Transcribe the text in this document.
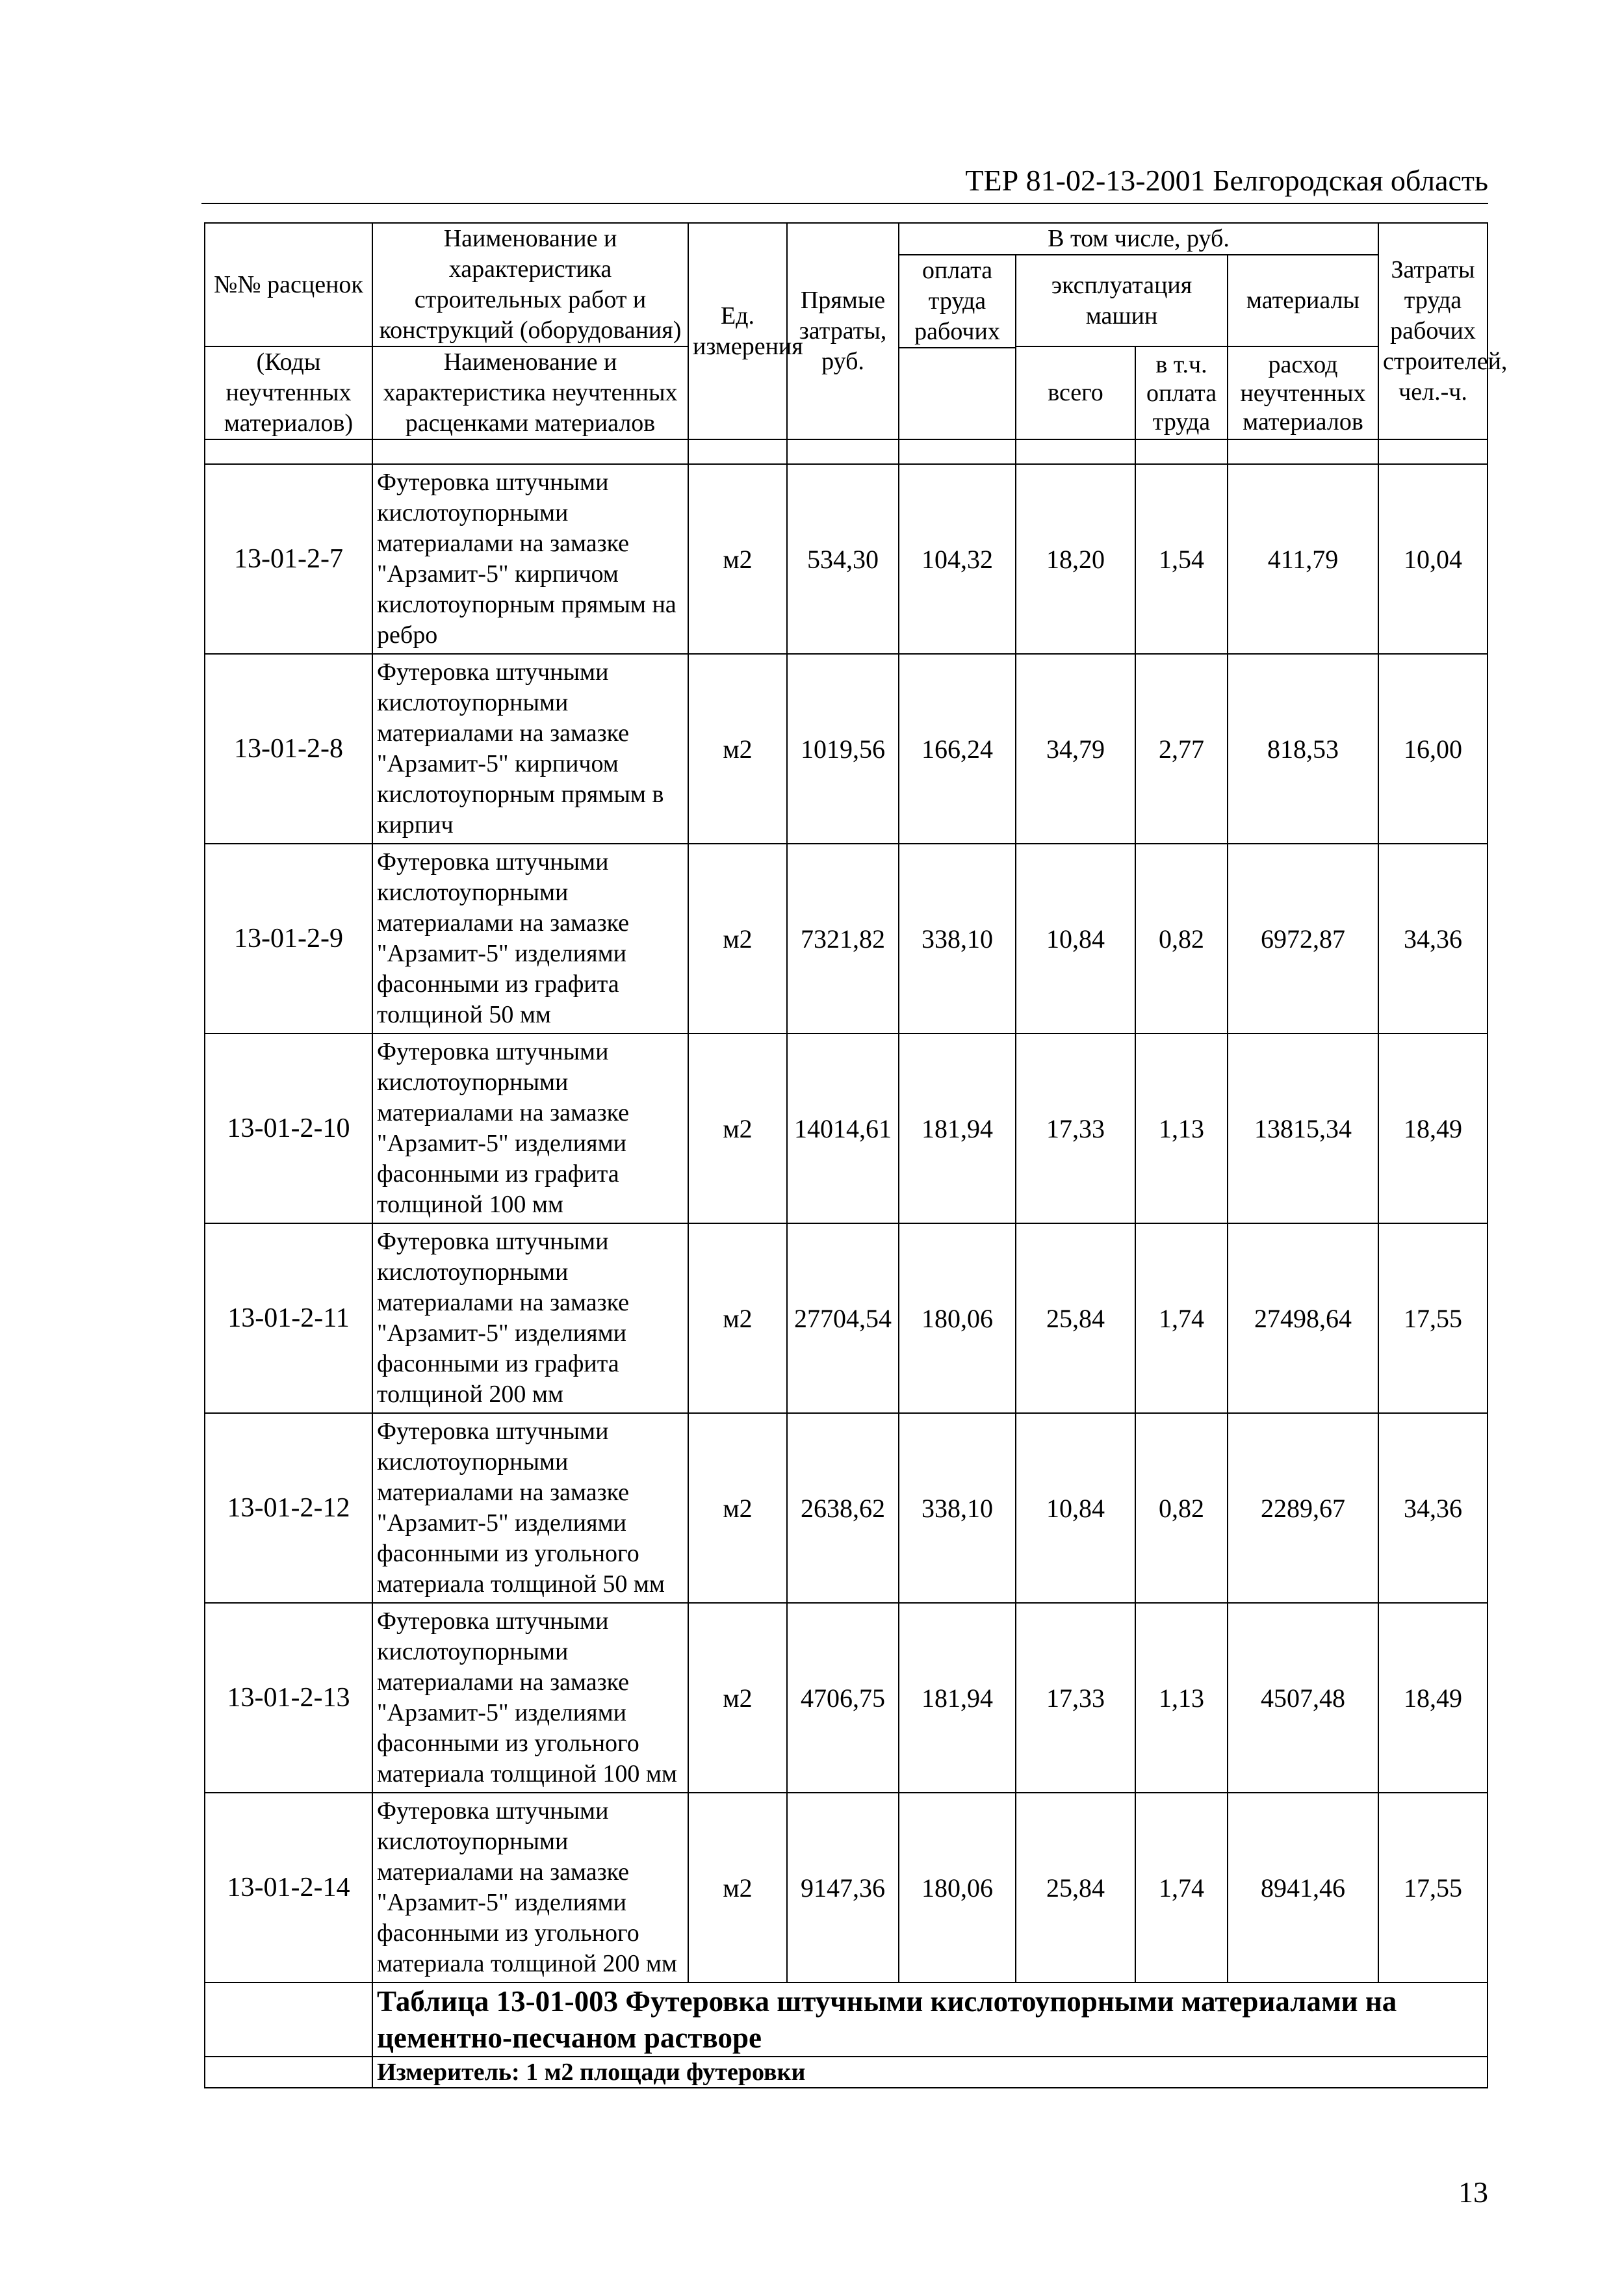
ТЕР 81-02-13-2001 Белгородская область
№№ расценок	Наименование и характеристика строительных работ и конструкций (оборудования)	Ед. измерения	Прямые затраты, руб.	В том числе, руб.				Затраты труда рабочих строителей, чел.-ч.
				оплата труда рабочих	эксплуатация машин		материалы	

(Коды неучтенных материалов)	Наименование и характеристика неучтенных расценками материалов				всего	в т.ч. оплата труда	расход неучтенных материалов	

13-01-2-7	Футеровка штучными кислотоупорными материалами на замазке "Арзамит-5" кирпичом кислотоупорным прямым на ребро	м2	534,30	104,32	18,20	1,54	411,79	10,04
13-01-2-8	Футеровка штучными кислотоупорными материалами на замазке "Арзамит-5" кирпичом кислотоупорным прямым в кирпич	м2	1019,56	166,24	34,79	2,77	818,53	16,00
13-01-2-9	Футеровка штучными кислотоупорными материалами на замазке "Арзамит-5" изделиями фасонными из графита толщиной 50 мм	м2	7321,82	338,10	10,84	0,82	6972,87	34,36
13-01-2-10	Футеровка штучными кислотоупорными материалами на замазке "Арзамит-5" изделиями фасонными из графита толщиной 100 мм	м2	14014,61	181,94	17,33	1,13	13815,34	18,49
13-01-2-11	Футеровка штучными кислотоупорными материалами на замазке "Арзамит-5" изделиями фасонными из графита толщиной 200 мм	м2	27704,54	180,06	25,84	1,74	27498,64	17,55
13-01-2-12	Футеровка штучными кислотоупорными материалами на замазке "Арзамит-5" изделиями фасонными из угольного материала толщиной 50 мм	м2	2638,62	338,10	10,84	0,82	2289,67	34,36
13-01-2-13	Футеровка штучными кислотоупорными материалами на замазке "Арзамит-5" изделиями фасонными из угольного материала толщиной 100 мм	м2	4706,75	181,94	17,33	1,13	4507,48	18,49
13-01-2-14	Футеровка штучными кислотоупорными материалами на замазке "Арзамит-5" изделиями фасонными из угольного материала толщиной 200 мм	м2	9147,36	180,06	25,84	1,74	8941,46	17,55
	Таблица 13-01-003 Футеровка штучными кислотоупорными материалами на цементно-песчаном растворе							
	Измеритель: 1 м2 площади футеровки							
13
